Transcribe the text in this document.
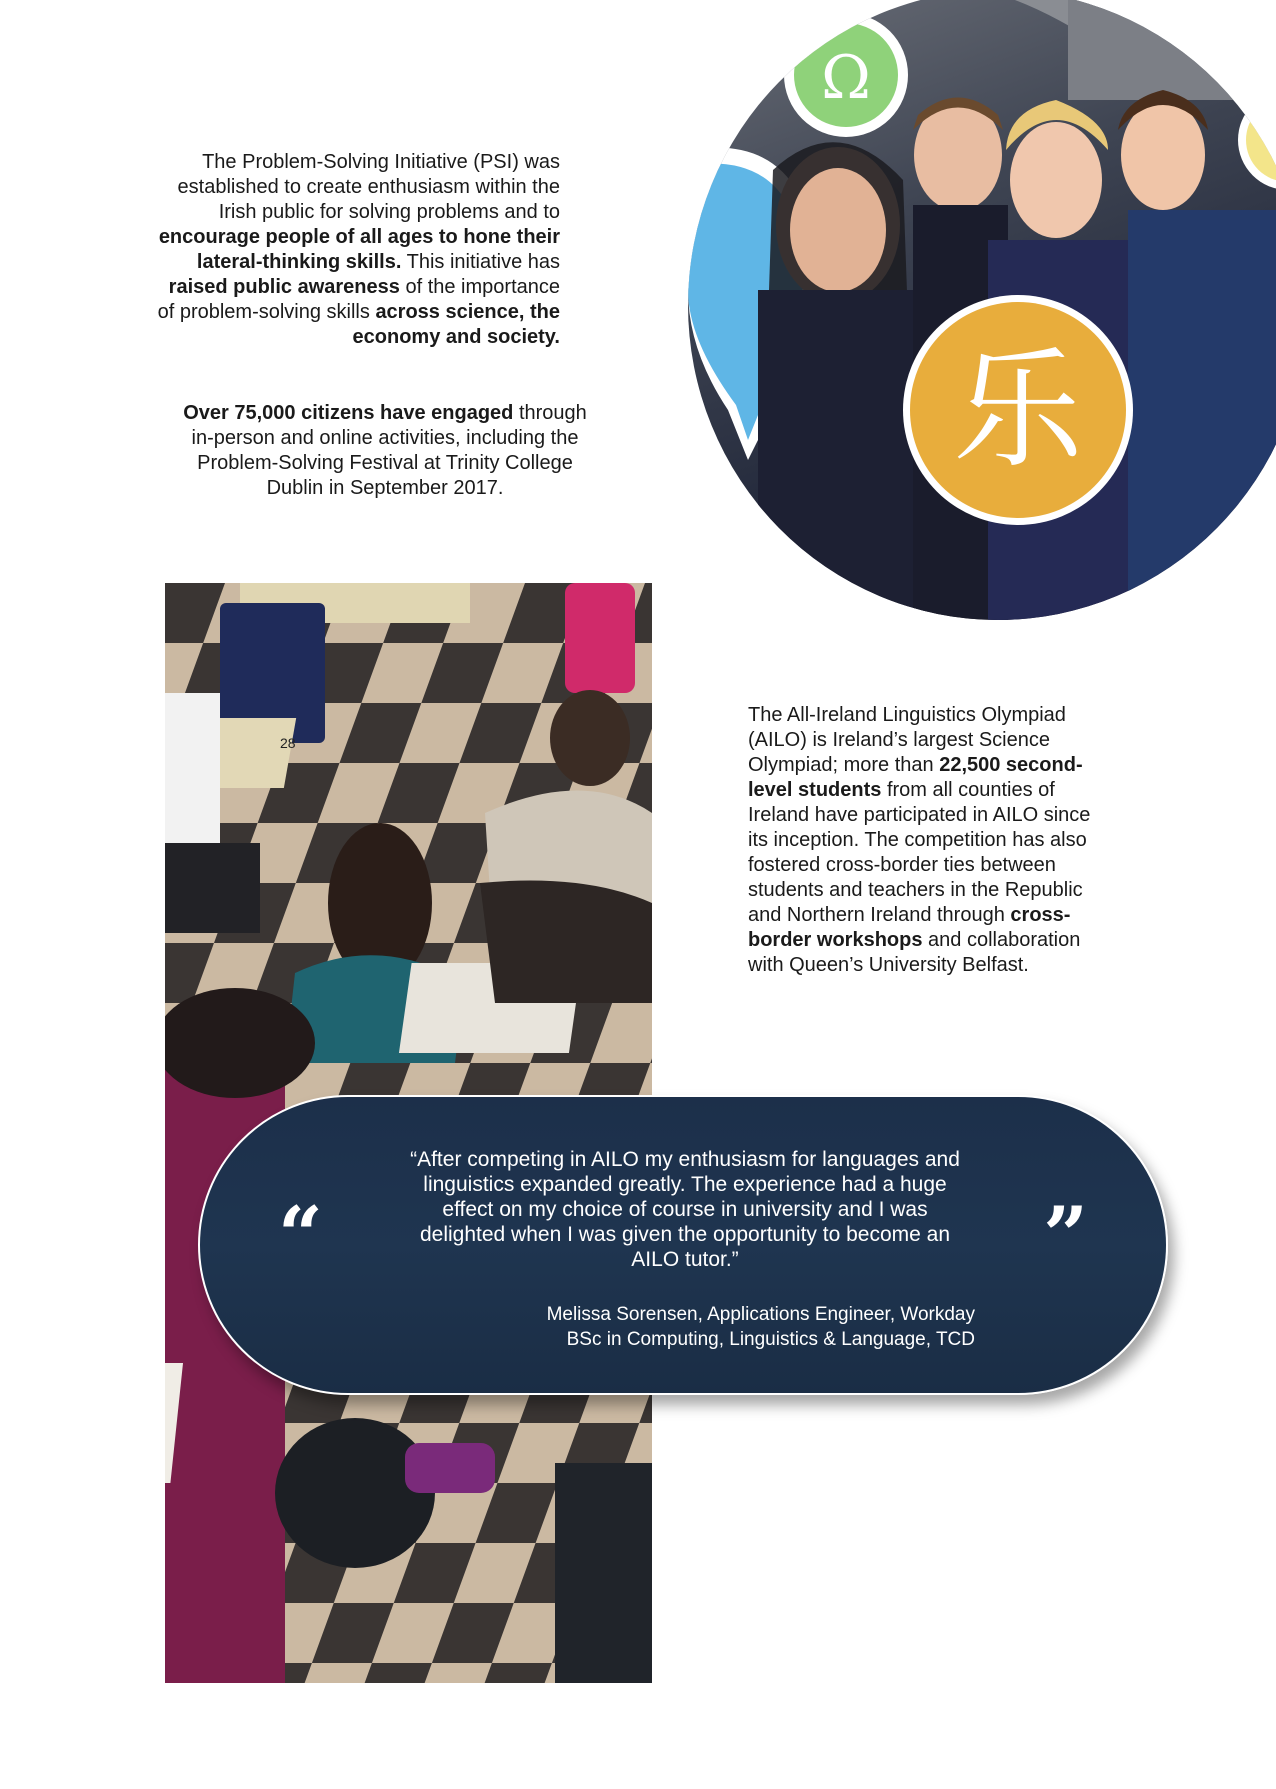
The Problem-Solving Initiative (PSI) was established to create enthusiasm within the Irish public for solving problems and to encourage people of all ages to hone their lateral-thinking skills. This initiative has raised public awareness of the importance of problem-solving skills across science, the economy and society.

Over 75,000 citizens have engaged through in-person and online activities, including the Problem-Solving Festival at Trinity College Dublin in September 2017.

Ω
乐
28

The All-Ireland Linguistics Olympiad (AILO) is Ireland’s largest Science Olympiad; more than 22,500 second-level students from all counties of Ireland have participated in AILO since its inception. The competition has also fostered cross-border ties between students and teachers in the Republic and Northern Ireland through cross-border workshops and collaboration with Queen’s University Belfast.

“

“After competing in AILO my enthusiasm for languages and linguistics expanded greatly. The experience had a huge effect on my choice of course in university and I was delighted when I was given the opportunity to become an AILO tutor.”

Melissa Sorensen, Applications Engineer, Workday

BSc in Computing, Linguistics & Language, TCD

”
